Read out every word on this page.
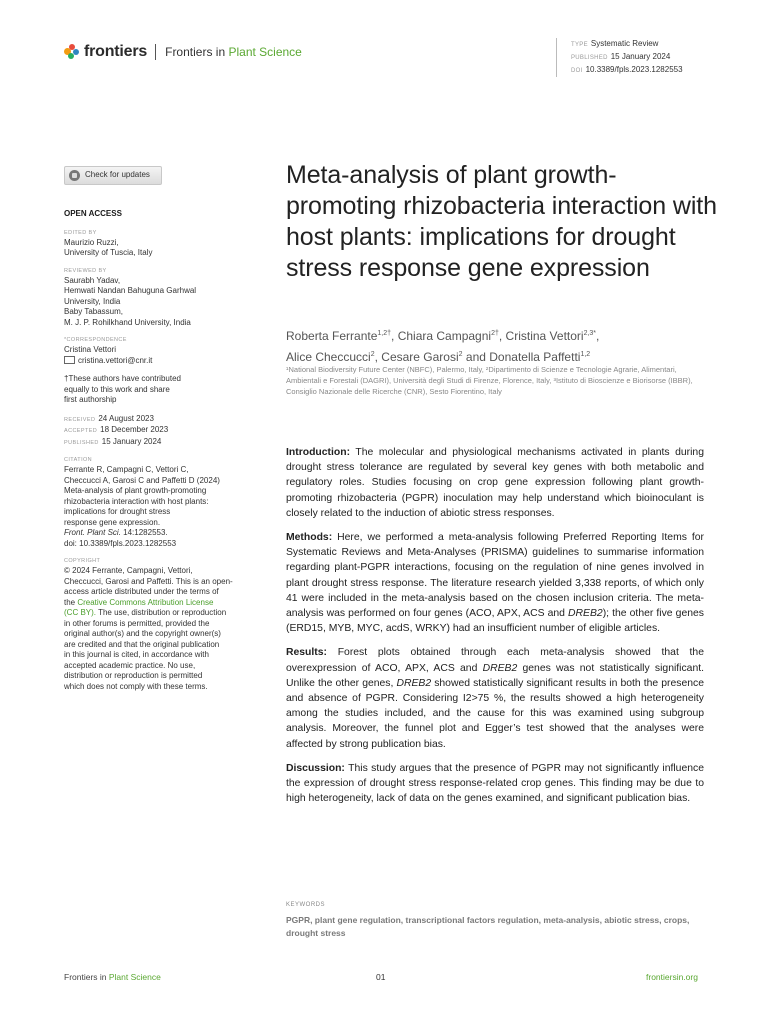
frontiers Frontiers in Plant Science	TYPE Systematic Review
PUBLISHED 15 January 2024
DOI 10.3389/fpls.2023.1282553
Check for updates
OPEN ACCESS
EDITED BY
Maurizio Ruzzi,
University of Tuscia, Italy
REVIEWED BY
Saurabh Yadav,
Hemwati Nandan Bahuguna Garhwal
University, India
Baby Tabassum,
M. J. P. Rohilkhand University, India
*CORRESPONDENCE
Cristina Vettori
cristina.vettori@cnr.it
†These authors have contributed
equally to this work and share
first authorship
RECEIVED 24 August 2023
ACCEPTED 18 December 2023
PUBLISHED 15 January 2024
CITATION
Ferrante R, Campagni C, Vettori C,
Checcucci A, Garosi C and Paffetti D (2024)
Meta-analysis of plant growth-promoting
rhizobacteria interaction with host plants:
implications for drought stress
response gene expression.
Front. Plant Sci. 14:1282553.
doi: 10.3389/fpls.2023.1282553
COPYRIGHT
© 2024 Ferrante, Campagni, Vettori,
Checcucci, Garosi and Paffetti. This is an open-
access article distributed under the terms of
the Creative Commons Attribution License
(CC BY). The use, distribution or reproduction
in other forums is permitted, provided the
original author(s) and the copyright owner(s)
are credited and that the original publication
in this journal is cited, in accordance with
accepted academic practice. No use,
distribution or reproduction is permitted
which does not comply with these terms.
Meta-analysis of plant growth-promoting rhizobacteria interaction with host plants: implications for drought stress response gene expression
Roberta Ferrante$^{1,2\dagger}$, Chiara Campagni$^{2\dagger}$, Cristina Vettori$^{2,3*}$,
Alice Checcucci$^2$, Cesare Garosi$^2$ and Donatella Paffetti$^{1,2}$
¹National Biodiversity Future Center (NBFC), Palermo, Italy, ²Dipartimento di Scienze e Tecnologie Agrarie, Alimentari, Ambientali e Forestali (DAGRI), Università degli Studi di Firenze, Florence, Italy, ³Istituto di Bioscienze e Biorisorse (IBBR), Consiglio Nazionale delle Ricerche (CNR), Sesto Fiorentino, Italy

Introduction: The molecular and physiological mechanisms activated in plants during drought stress tolerance are regulated by several key genes with both metabolic and regulatory roles. Studies focusing on crop gene expression following plant growth-promoting rhizobacteria (PGPR) inoculation may help understand which bioinoculant is closely related to the induction of abiotic stress responses.

Methods: Here, we performed a meta-analysis following Preferred Reporting Items for Systematic Reviews and Meta-Analyses (PRISMA) guidelines to summarise information regarding plant-PGPR interactions, focusing on the regulation of nine genes involved in plant drought stress response. The literature research yielded 3,338 reports, of which only 41 were included in the meta-analysis based on the chosen inclusion criteria. The meta-analysis was performed on four genes (ACO, APX, ACS and DREB2); the other five genes (ERD15, MYB, MYC, acdS, WRKY) had an insufficient number of eligible articles.

Results: Forest plots obtained through each meta-analysis showed that the overexpression of ACO, APX, ACS and DREB2 genes was not statistically significant. Unlike the other genes, DREB2 showed statistically significant results in both the presence and absence of PGPR. Considering I2>75 %, the results showed a high heterogeneity among the studies included, and the cause for this was examined using subgroup analysis. Moreover, the funnel plot and Egger’s test showed that the analyses were affected by strong publication bias.

Discussion: This study argues that the presence of PGPR may not significantly influence the expression of drought stress response-related crop genes. This finding may be due to high heterogeneity, lack of data on the genes examined, and significant publication bias.

KEYWORDS
PGPR, plant gene regulation, transcriptional factors regulation, meta-analysis, abiotic stress, crops, drought stress
Frontiers in Plant Science	01	frontiersin.org
